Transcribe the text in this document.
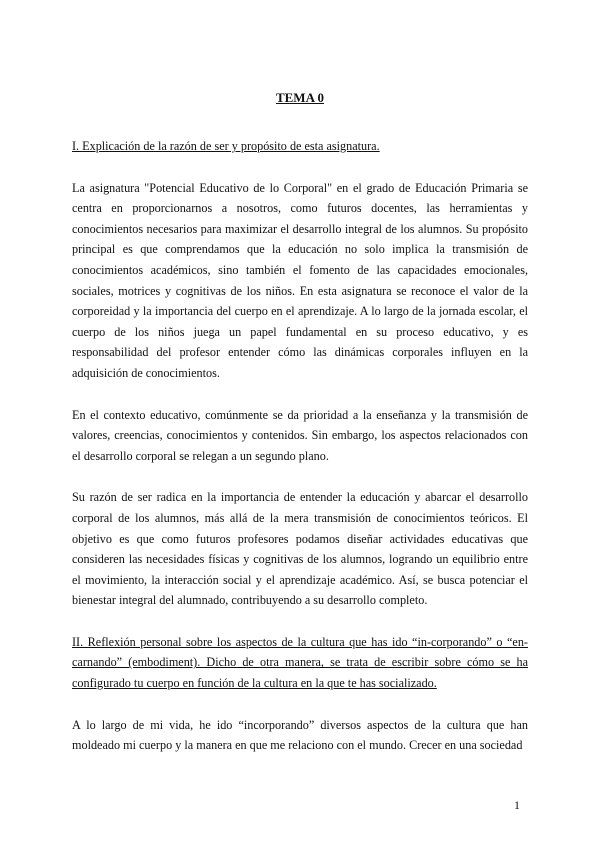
TEMA 0

I. Explicación de la razón de ser y propósito de esta asignatura.

La asignatura "Potencial Educativo de lo Corporal" en el grado de Educación Primaria se centra en proporcionarnos a nosotros, como futuros docentes, las herramientas y conocimientos necesarios para maximizar el desarrollo integral de los alumnos. Su propósito principal es que comprendamos que la educación no solo implica la transmisión de conocimientos académicos, sino también el fomento de las capacidades emocionales, sociales, motrices y cognitivas de los niños. En esta asignatura se reconoce el valor de la corporeidad y la importancia del cuerpo en el aprendizaje. A lo largo de la jornada escolar, el cuerpo de los niños juega un papel fundamental en su proceso educativo, y es responsabilidad del profesor entender cómo las dinámicas corporales influyen en la adquisición de conocimientos.

En el contexto educativo, comúnmente se da prioridad a la enseñanza y la transmisión de valores, creencias, conocimientos y contenidos. Sin embargo, los aspectos relacionados con el desarrollo corporal se relegan a un segundo plano.

Su razón de ser radica en la importancia de entender la educación y abarcar el desarrollo corporal de los alumnos, más allá de la mera transmisión de conocimientos teóricos. El objetivo es que como futuros profesores podamos diseñar actividades educativas que consideren las necesidades físicas y cognitivas de los alumnos, logrando un equilibrio entre el movimiento, la interacción social y el aprendizaje académico. Así, se busca potenciar el bienestar integral del alumnado, contribuyendo a su desarrollo completo.

II. Reflexión personal sobre los aspectos de la cultura que has ido “in-corporando” o “en-carnando” (embodiment). Dicho de otra manera, se trata de escribir sobre cómo se ha configurado tu cuerpo en función de la cultura en la que te has socializado.

A lo largo de mi vida, he ido “incorporando” diversos aspectos de la cultura que han moldeado mi cuerpo y la manera en que me relaciono con el mundo. Crecer en una sociedad

1
